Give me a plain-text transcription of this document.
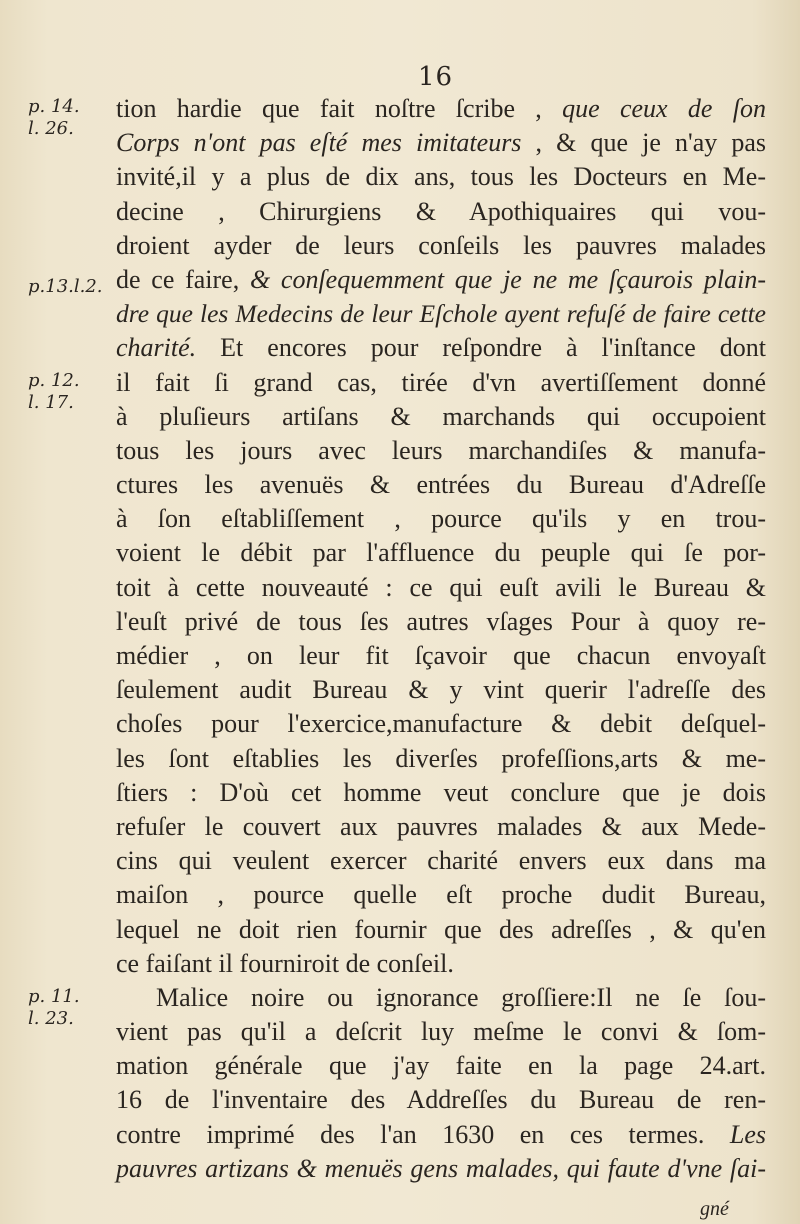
16
p. 14.
l. 26.
p.13.l.2.
p. 12.
l. 17.
p. 11.
l. 23.
tion hardie que fait noſtre ſcribe , que ceux de ſon
Corps n'ont pas eſté mes imitateurs , & que je n'ay pas
invité,il y a plus de dix ans, tous les Docteurs en Me-
decine , Chirurgiens & Apothiquaires qui vou-
droient ayder de leurs conſeils les pauvres malades
de ce faire, & conſequemment que je ne me ſçaurois plain-
dre que les Medecins de leur Eſchole ayent refuſé de faire cette
charité. Et encores pour reſpondre à l'inſtance dont
il fait ſi grand cas, tirée d'vn avertiſſement donné
à pluſieurs artiſans & marchands qui occupoient
tous les jours avec leurs marchandiſes & manufa-
ctures les avenuës & entrées du Bureau d'Adreſſe
à ſon eſtabliſſement , pource qu'ils y en trou-
voient le débit par l'affluence du peuple qui ſe por-
toit à cette nouveauté : ce qui euſt avili le Bureau &
l'euſt privé de tous ſes autres vſages Pour à quoy re-
médier , on leur fit ſçavoir que chacun envoyaſt
ſeulement audit Bureau & y vint querir l'adreſſe des
choſes pour l'exercice,manufacture & debit deſquel-
les ſont eſtablies les diverſes profeſſions,arts & me-
ſtiers : D'où cet homme veut conclure que je dois
refuſer le couvert aux pauvres malades & aux Mede-
cins qui veulent exercer charité envers eux dans ma
maiſon , pource quelle eſt proche dudit Bureau,
lequel ne doit rien fournir que des adreſſes , & qu'en
ce faiſant il fourniroit de conſeil.
Malice noire ou ignorance groſſiere:Il ne ſe ſou-
vient pas qu'il a deſcrit luy meſme le convi & ſom-
mation générale que j'ay faite en la page 24.art.
16 de l'inventaire des Addreſſes du Bureau de ren-
contre imprimé des l'an 1630 en ces termes. Les
pauvres artizans & menuës gens malades, qui faute d'vne ſai-
gné
